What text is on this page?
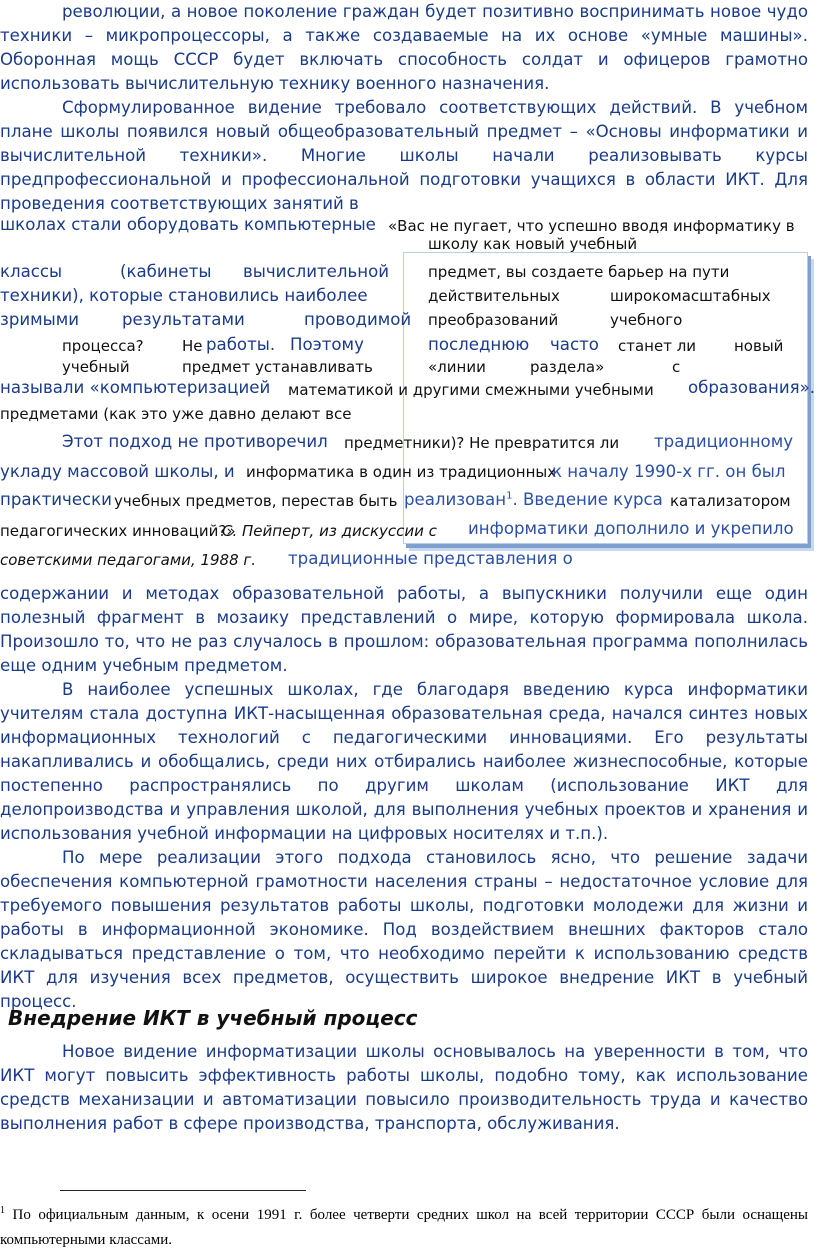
революции, а новое поколение граждан будет позитивно воспринимать новое чудо техники – микропроцессоры, а также создаваемые на их основе «умные машины». Оборонная мощь СССР будет включать способность солдат и офицеров грамотно использовать вычислительную технику военного назначения.

Сформулированное видение требовало соответствующих действий. В учебном плане школы появился новый общеобразовательный предмет – «Основы информатики и вычислительной техники». Многие школы начали реализовывать курсы предпрофессиональной и профессиональной подготовки учащихся в области ИКТ. Для проведения соответствующих занятий в

школах стали оборудовать компьютерные «Вас не пугает, что успешно вводя информатику в

школу как новый учебный

классы	(кабинеты вычислительной	предмет, вы создаете барьер на пути

техники), которые становились наиболее	действительных	широкомасштабных

зримыми	результатами	проводимой преобразований	учебного

процесса?	Не работы. Поэтому	последнюю часто станет ли	новый

учебный	предмет устанавливать	«линии	раздела»	с

называли «компьютеризацией математикой и другими смежными учебными образования».

предметами (как это уже давно делают все

Этот подход не противоречил предметники)? Не превратится ли традиционному

укладу массовой школы, и информатика в один из традиционных

к началу 1990-х гг. он был

практически учебных предметов, перестав быть реализован$^1$. Введение курса катализатором

педагогических инноваций?»

С. Пейперт, из дискуссии с информатики дополнило и укрепило

советскими педагогами, 1988 г. традиционные представления о

содержании и методах образовательной работы, а выпускники получили еще один полезный фрагмент в мозаику представлений о мире, которую формировала школа. Произошло то, что не раз случалось в прошлом: образовательная программа пополнилась еще одним учебным предметом.

В наиболее успешных школах, где благодаря введению курса информатики учителям стала доступна ИКТ-насыщенная образовательная среда, начался синтез новых информационных технологий с педагогическими инновациями. Его результаты накапливались и обобщались, среди них отбирались наиболее жизнеспособные, которые постепенно распространялись по другим школам (использование ИКТ для делопроизводства и управления школой, для выполнения учебных проектов и хранения и использования учебной информации на цифровых носителях и т.п.).

По мере реализации этого подхода становилось ясно, что решение задачи обеспечения компьютерной грамотности населения страны – недостаточное условие для требуемого повышения результатов работы школы, подготовки молодежи для жизни и работы в информационной экономике. Под воздействием внешних факторов стало складываться представление о том, что необходимо перейти к использованию средств ИКТ для изучения всех предметов, осуществить широкое внедрение ИКТ в учебный процесс.

Внедрение ИКТ в учебный процесс

Новое видение информатизации школы основывалось на уверенности в том, что ИКТ могут повысить эффективность работы школы, подобно тому, как использование средств механизации и автоматизации повысило производительность труда и качество выполнения работ в сфере производства, транспорта, обслуживания.

$^1$ По официальным данным, к осени 1991 г. более четверти средних школ на всей территории СССР были оснащены компьютерными классами.
